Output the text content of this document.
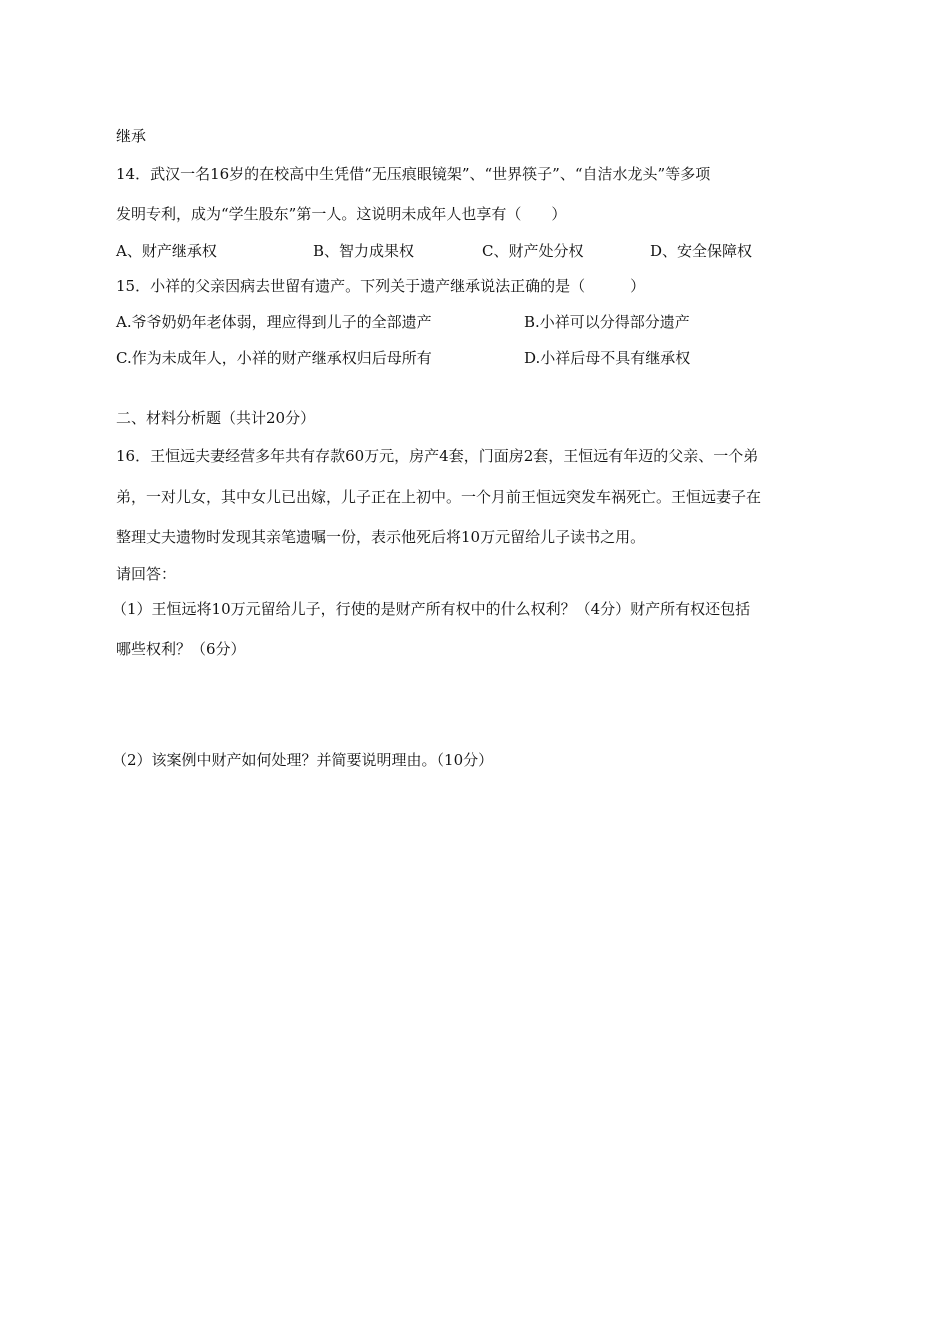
继承
14．武汉一名16岁的在校高中生凭借“无压痕眼镜架”、“世界筷子”、“自洁水龙头”等多项
发明专利，成为“学生股东”第一人。这说明未成年人也享有（　　）
A、财产继承权	B、智力成果权	C、财产处分权	D、安全保障权
15．小祥的父亲因病去世留有遗产。下列关于遗产继承说法正确的是（　　　）
A.爷爷奶奶年老体弱，理应得到儿子的全部遗产	B.小祥可以分得部分遗产
C.作为未成年人，小祥的财产继承权归后母所有	D.小祥后母不具有继承权
二、材料分析题（共计20分）
16．王恒远夫妻经营多年共有存款60万元，房产4套，门面房2套，王恒远有年迈的父亲、一个弟
弟，一对儿女，其中女儿已出嫁，儿子正在上初中。一个月前王恒远突发车祸死亡。王恒远妻子在
整理丈夫遗物时发现其亲笔遗嘱一份，表示他死后将10万元留给儿子读书之用。
请回答：
（1）王恒远将10万元留给儿子，行使的是财产所有权中的什么权利？（4分）财产所有权还包括
哪些权利？（6分）
（2）该案例中财产如何处理？并简要说明理由。（10分）
